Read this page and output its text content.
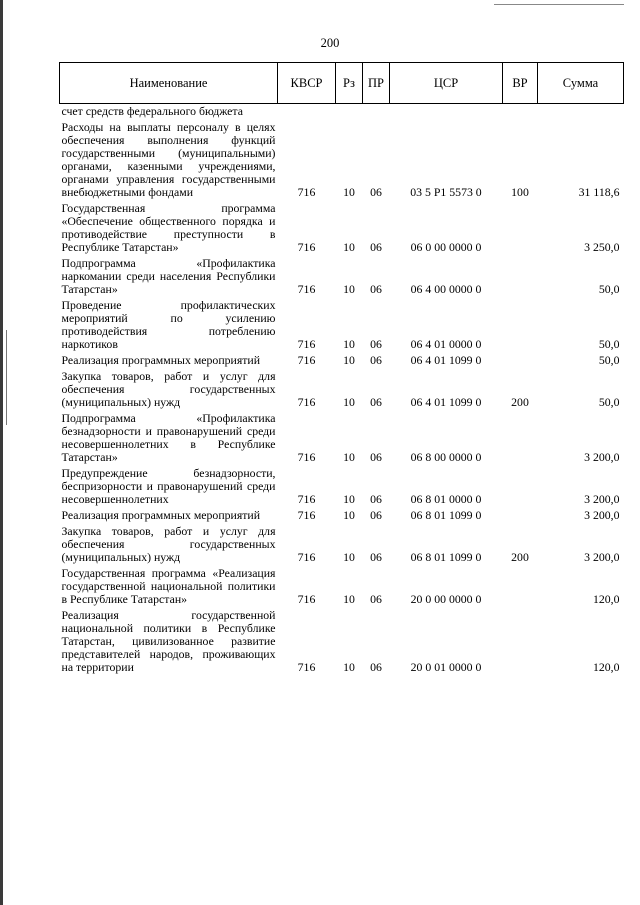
200
Наименование	КВСР	Рз	ПР	ЦСР	ВР	Сумма
счет средств федерального бюджета						
Расходы на выплаты персоналу в целях обеспечения выполнения функций государственными (муниципальными) органами, казенными учреждениями, органами управления государственными внебюджетными фондами	716	10	06	03 5 Р1 5573 0	100	31 118,6
Государственная программа «Обеспечение общественного порядка и противодействие преступности в Республике Татарстан»	716	10	06	06 0 00 0000 0		3 250,0
Подпрограмма «Профилактика наркомании среди населения Республики Татарстан»	716	10	06	06 4 00 0000 0		50,0
Проведение профилактических мероприятий по усилению противодействия потреблению наркотиков	716	10	06	06 4 01 0000 0		50,0
Реализация программных мероприятий	716	10	06	06 4 01 1099 0		50,0
Закупка товаров, работ и услуг для обеспечения государственных (муниципальных) нужд	716	10	06	06 4 01 1099 0	200	50,0
Подпрограмма «Профилактика безнадзорности и правонарушений среди несовершеннолетних в Республике Татарстан»	716	10	06	06 8 00 0000 0		3 200,0
Предупреждение безнадзорности, беспризорности и правонарушений среди несовершеннолетних	716	10	06	06 8 01 0000 0		3 200,0
Реализация программных мероприятий	716	10	06	06 8 01 1099 0		3 200,0
Закупка товаров, работ и услуг для обеспечения государственных (муниципальных) нужд	716	10	06	06 8 01 1099 0	200	3 200,0
Государственная программа «Реализация государственной национальной политики в Республике Татарстан»	716	10	06	20 0 00 0000 0		120,0
Реализация государственной национальной политики в Республике Татарстан, цивилизованное развитие представителей народов, проживающих на территории	716	10	06	20 0 01 0000 0		120,0
